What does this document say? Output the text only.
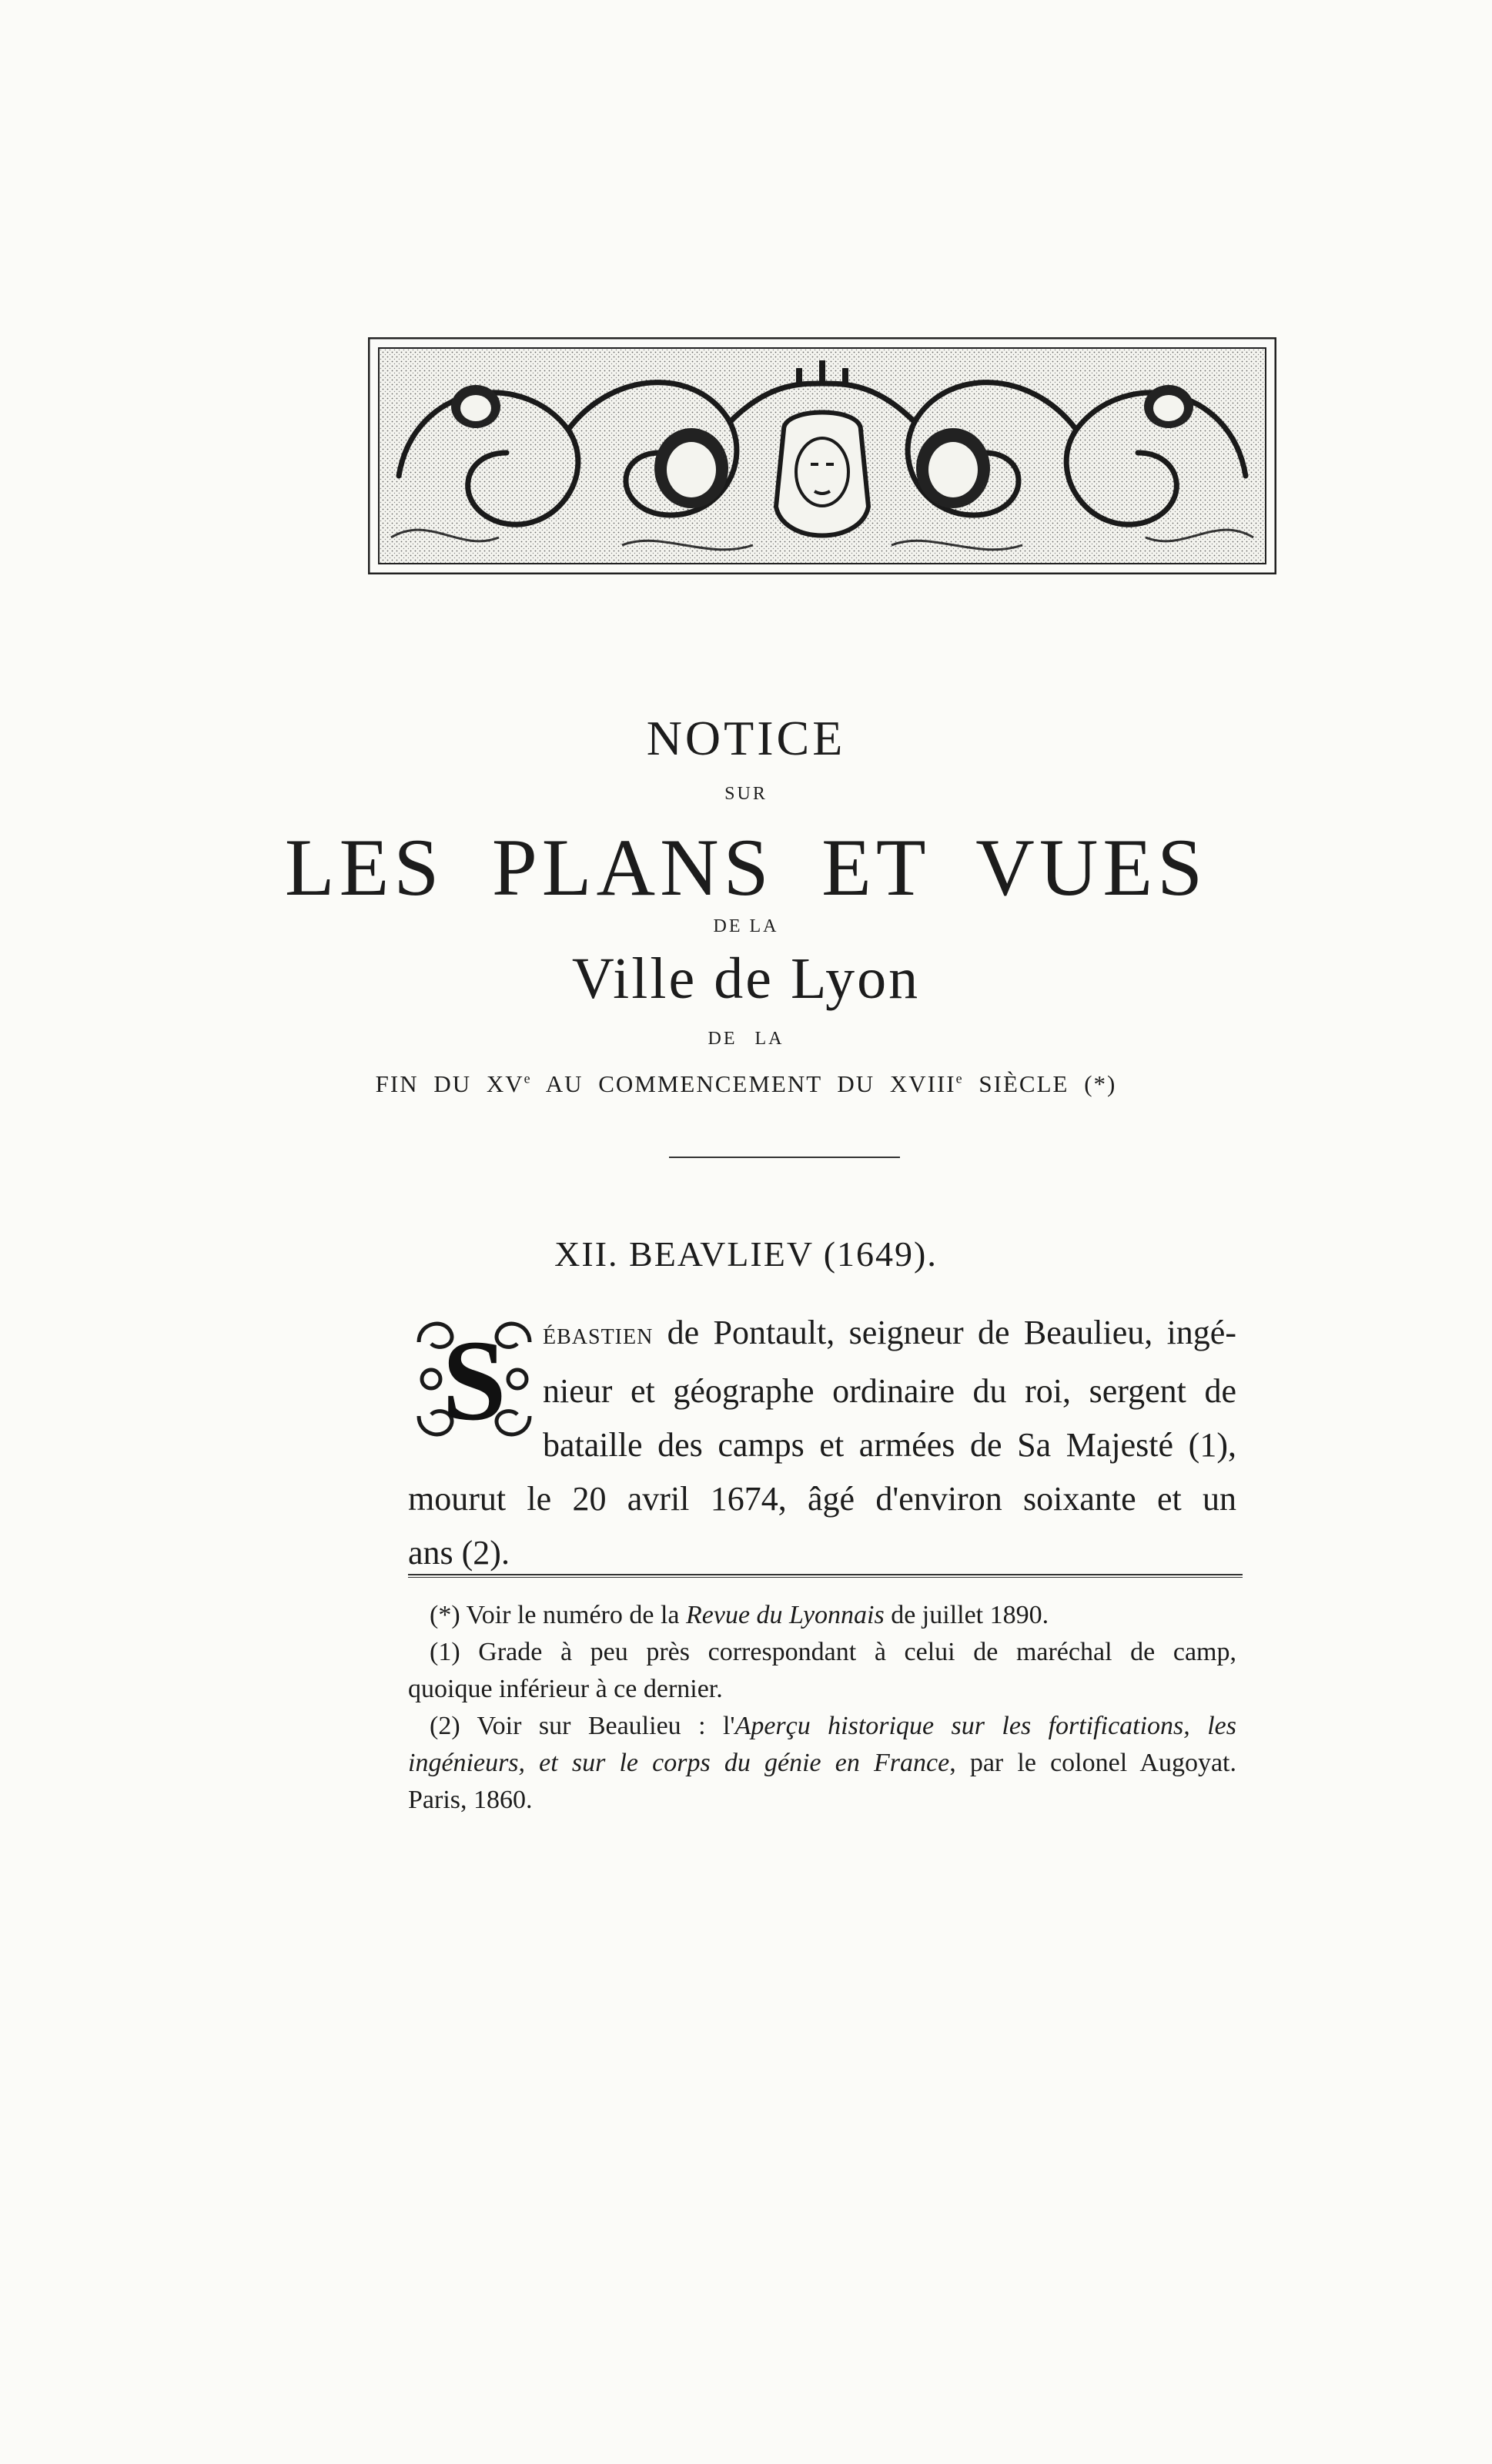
NOTICE
SUR
LES PLANS ET VUES
DE LA
Ville de Lyon
DE LA
FIN DU XVe AU COMMENCEMENT DU XVIIIe SIÈCLE (*)
XII. BEAVLIEV (1649).
S	ÉBASTIEN de Pontault, seigneur de Beaulieu, ingé-
nieur et géographe ordinaire du roi, sergent de
bataille des camps et armées de Sa Majesté (1),
mourut le 20 avril 1674, âgé d'environ soixante et un
ans (2).
(*) Voir le numéro de la Revue du Lyonnais de juillet 1890.
(1) Grade à peu près correspondant à celui de maréchal de camp,
quoique inférieur à ce dernier.
(2) Voir sur Beaulieu : l'Aperçu historique sur les fortifications, les
ingénieurs, et sur le corps du génie en France, par le colonel Augoyat.
Paris, 1860.
